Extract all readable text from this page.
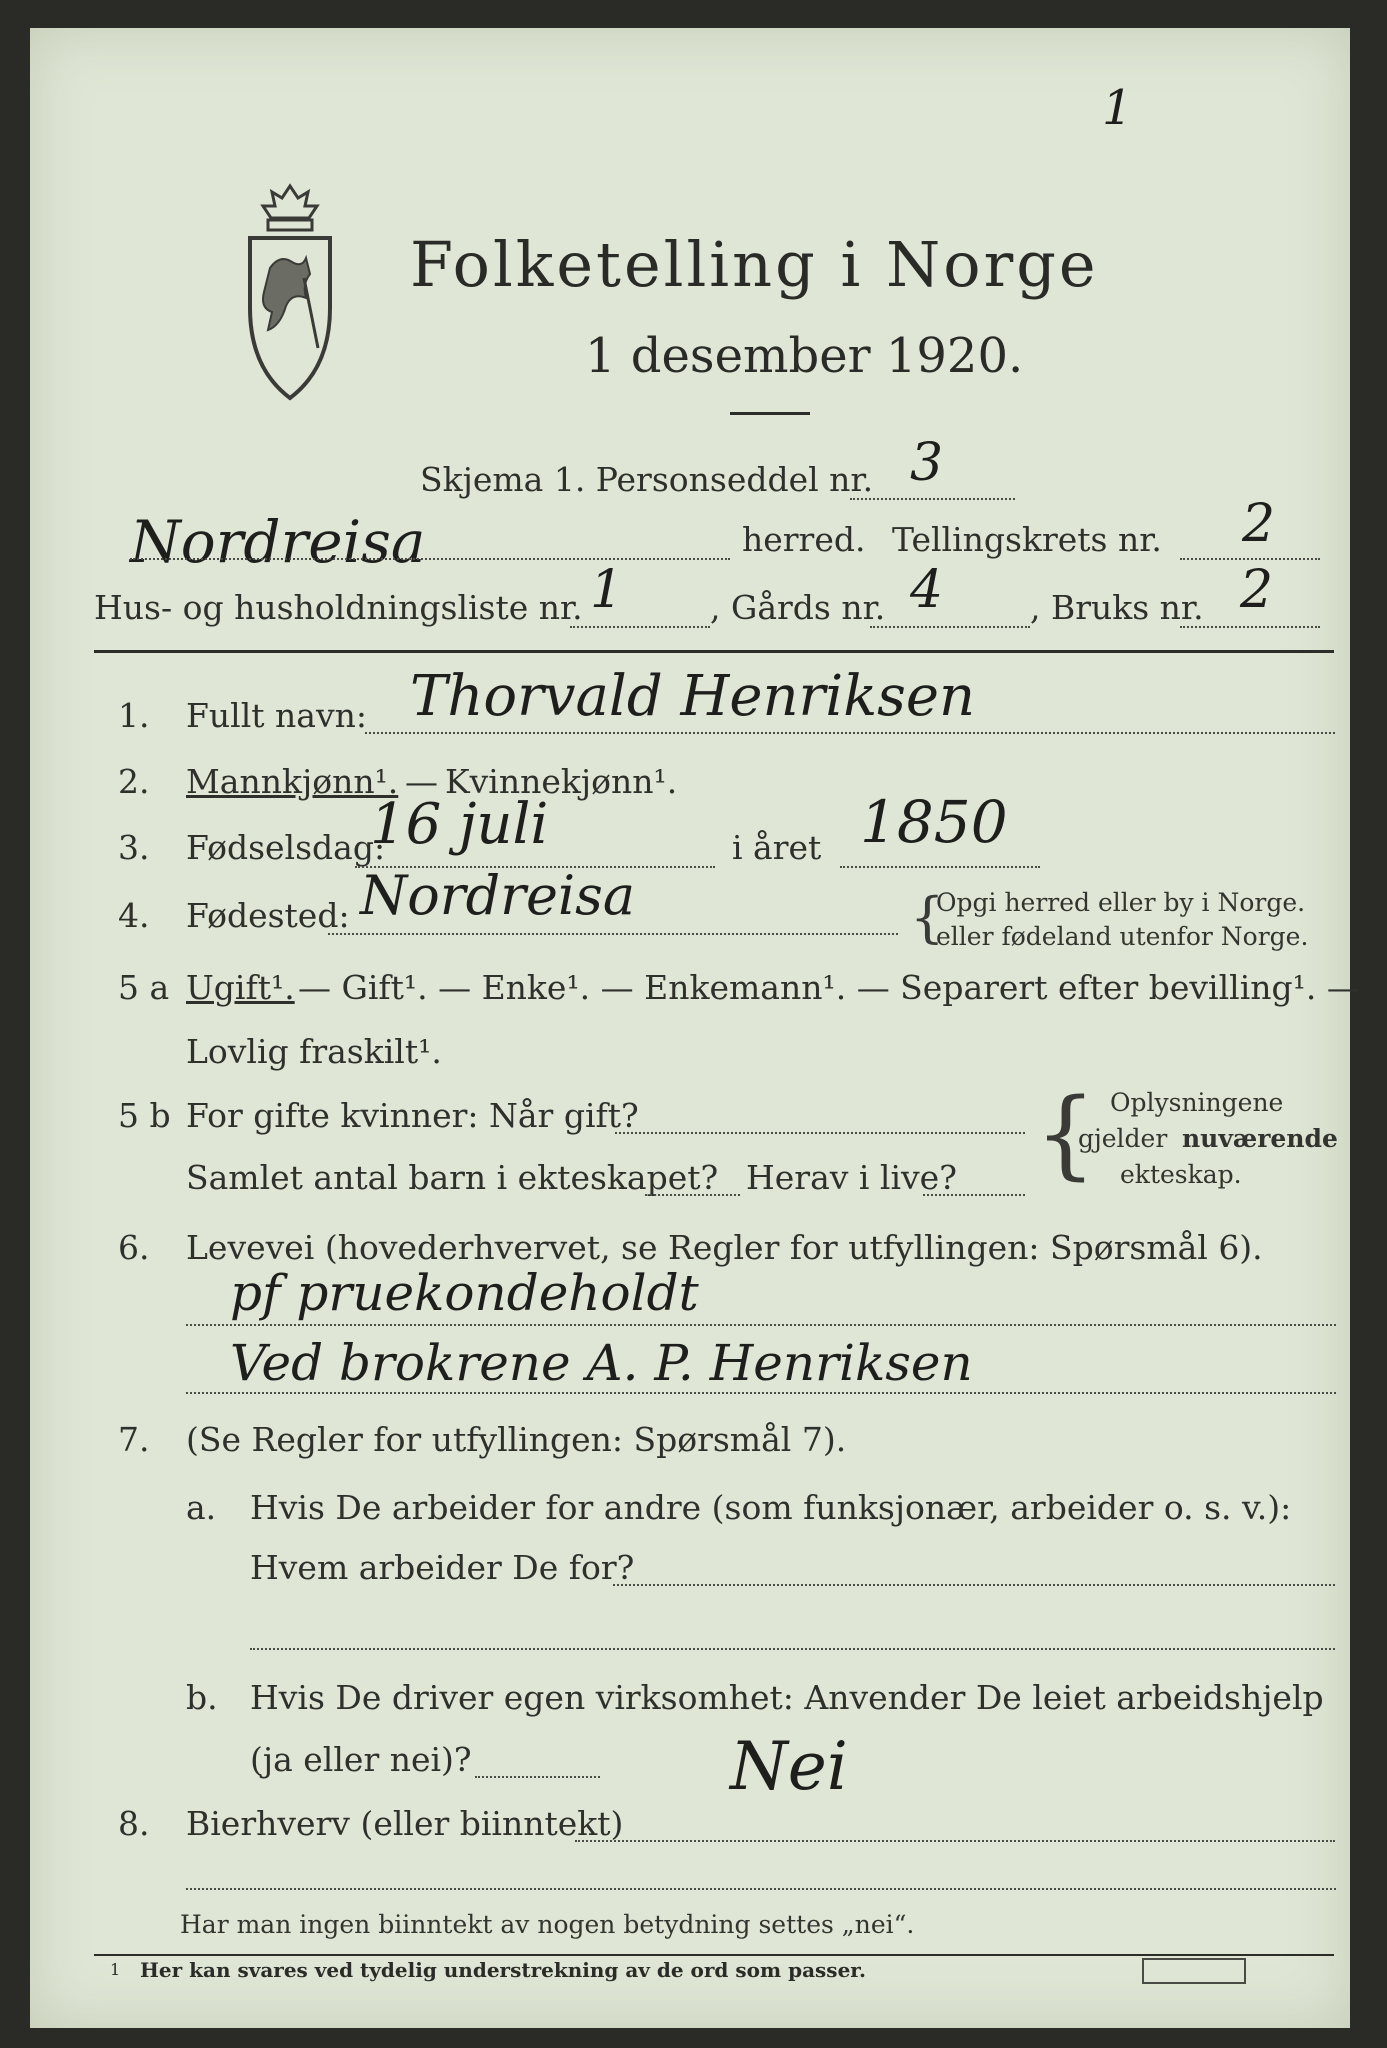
1
Folketelling i Norge
1 desember 1920.
Skjema 1. Personseddel nr. 3
Nordreisa	herred. Tellingskrets nr. 2
Hus- og husholdningsliste nr. 1	, Gårds nr. 4	, Bruks nr. 2
1. Fullt navn: Thorvald Henriksen
2. Mannkjønn¹. — Kvinnekjønn¹.
3. Fødselsdag:
16 juli	i året 1850
4. Fødested: Nordreisa	{
Opgi herred eller by i Norge.
eller fødeland utenfor Norge.
5 a Ugift¹. — Gift¹. — Enke¹. — Enkemann¹. — Separert efter bevilling¹. —
Lovlig fraskilt¹.
5 b For gifte kvinner: Når gift?
Samlet antal barn i ekteskapet? Herav i live? { Oplysningene
gjelder nuværende
ekteskap.
6. Levevei (hovederhvervet, se Regler for utfyllingen: Spørsmål 6).
pf pruekondeholdt
Ved brokrene A. P. Henriksen
7. (Se Regler for utfyllingen: Spørsmål 7).
a. Hvis De arbeider for andre (som funksjonær, arbeider o. s. v.):
Hvem arbeider De for?
b. Hvis De driver egen virksomhet: Anvender De leiet arbeidshjelp
(ja eller nei)?	Nei
8. Bierhverv (eller biinntekt)
Har man ingen biinntekt av nogen betydning settes „nei“.
1 Her kan svares ved tydelig understrekning av de ord som passer.
